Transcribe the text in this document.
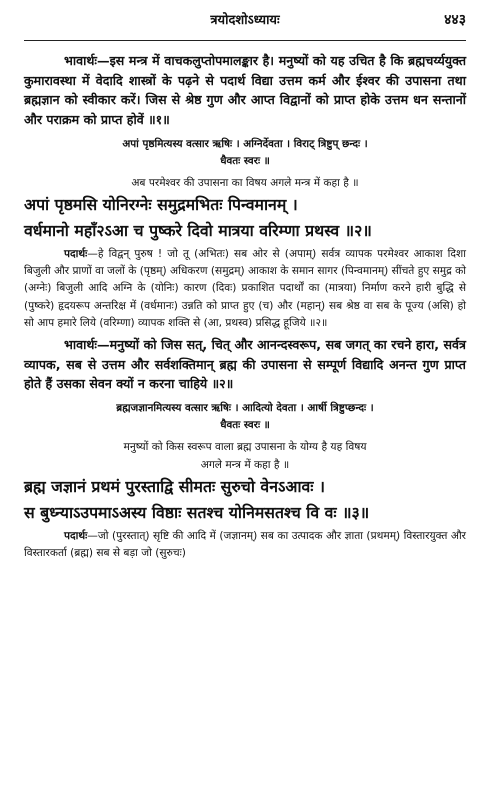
त्रयोदशोऽध्यायः	४४३

भावार्थः—इस मन्त्र में वाचकलुप्तोपमालङ्कार है। मनुष्यों को यह उचित है कि ब्रह्मचर्य्ययुक्त कुमारावस्था में वेदादि शास्त्रों के पढ़ने से पदार्थ विद्या उत्तम कर्म और ईश्वर की उपासना तथा ब्रह्मज्ञान को स्वीकार करें। जिस से श्रेष्ठ गुण और आप्त विद्वानों को प्राप्त होके उत्तम धन सन्तानों और पराक्रम को प्राप्त होवें ॥१॥

अपां पृष्ठमित्यस्य वत्सार ऋषिः । अग्निर्देवता । विराट् त्रिष्टुप् छन्दः ।
धैवतः स्वरः ॥
अब परमेश्वर की उपासना का विषय अगले मन्त्र में कहा है ॥
अपां पृष्ठमसि योनिरग्नेः समुद्रमभितः पिन्वमानम् ।
वर्धमानो महाँ२ऽआ च पुष्करे दिवो मात्रया वरिम्णा प्रथस्व ॥२॥

पदार्थः—हे विद्वन् पुरुष ! जो तू (अभितः) सब ओर से (अपाम्) सर्वत्र व्यापक परमेश्वर आकाश दिशा बिजुली और प्राणों वा जलों के (पृष्ठम्) अधिकरण (समुद्रम्) आकाश के समान सागर (पिन्वमानम्) सींचते हुए समुद्र को (अग्नेः) बिजुली आदि अग्नि के (योनिः) कारण (दिवः) प्रकाशित पदार्थों का (मात्रया) निर्माण करने हारी बुद्धि से (पुष्करे) हृदयरूप अन्तरिक्ष में (वर्धमानः) उन्नति को प्राप्त हुए (च) और (महान्) सब श्रेष्ठ वा सब के पूज्य (असि) हो सो आप हमारे लिये (वरिम्णा) व्यापक शक्ति से (आ, प्रथस्व) प्रसिद्ध हूजिये ॥२॥

भावार्थः—मनुष्यों को जिस सत्, चित् और आनन्दस्वरूप, सब जगत् का रचने हारा, सर्वत्र व्यापक, सब से उत्तम और सर्वशक्तिमान् ब्रह्म की उपासना से सम्पूर्ण विद्यादि अनन्त गुण प्राप्त होते हैं उसका सेवन क्यों न करना चाहिये ॥२॥

ब्रह्मजज्ञानमित्यस्य वत्सार ऋषिः । आदित्यो देवता । आर्षी त्रिष्टुप्छन्दः ।
धैवतः स्वरः ॥
मनुष्यों को किस स्वरूप वाला ब्रह्म उपासना के योग्य है यह विषय
अगले मन्त्र में कहा है ॥
ब्रह्म जज्ञानं प्रथमं पुरस्ताद्वि सीमतः सुरुचो वेनऽआवः ।
स बुध्न्याऽउपमाऽअस्य विष्ठाः सतश्च योनिमसतश्च वि वः ॥३॥

पदार्थः—जो (पुरस्तात्) सृष्टि की आदि में (जज्ञानम्) सब का उत्पादक और ज्ञाता (प्रथमम्) विस्तारयुक्त और विस्तारकर्ता (ब्रह्म) सब से बड़ा जो (सुरुचः)
